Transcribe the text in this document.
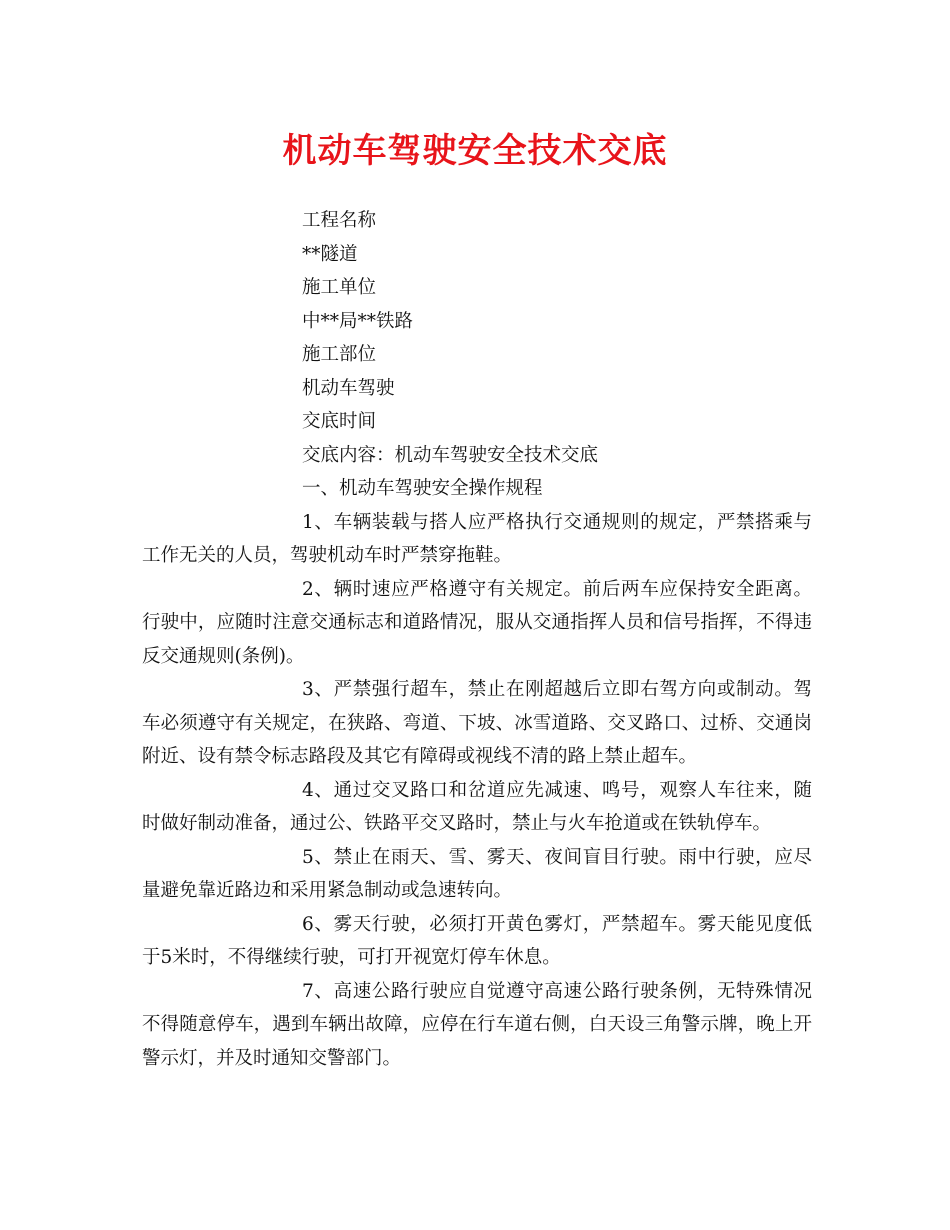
机动车驾驶安全技术交底

工程名称

**隧道

施工单位

中**局**铁路

施工部位

机动车驾驶

交底时间

交底内容：机动车驾驶安全技术交底

一、机动车驾驶安全操作规程

1、车辆装载与搭人应严格执行交通规则的规定，严禁搭乘与工作无关的人员，驾驶机动车时严禁穿拖鞋。

2、辆时速应严格遵守有关规定。前后两车应保持安全距离。行驶中，应随时注意交通标志和道路情况，服从交通指挥人员和信号指挥，不得违反交通规则(条例)。

3、严禁强行超车，禁止在刚超越后立即右驾方向或制动。驾车必须遵守有关规定，在狭路、弯道、下坡、冰雪道路、交叉路口、过桥、交通岗附近、设有禁令标志路段及其它有障碍或视线不清的路上禁止超车。

4、通过交叉路口和岔道应先减速、鸣号，观察人车往来，随时做好制动准备，通过公、铁路平交叉路时，禁止与火车抢道或在铁轨停车。

5、禁止在雨天、雪、雾天、夜间盲目行驶。雨中行驶，应尽量避免靠近路边和采用紧急制动或急速转向。

6、雾天行驶，必须打开黄色雾灯，严禁超车。雾天能见度低于5米时，不得继续行驶，可打开视宽灯停车休息。

7、高速公路行驶应自觉遵守高速公路行驶条例，无特殊情况不得随意停车，遇到车辆出故障，应停在行车道右侧，白天设三角警示牌，晚上开警示灯，并及时通知交警部门。
